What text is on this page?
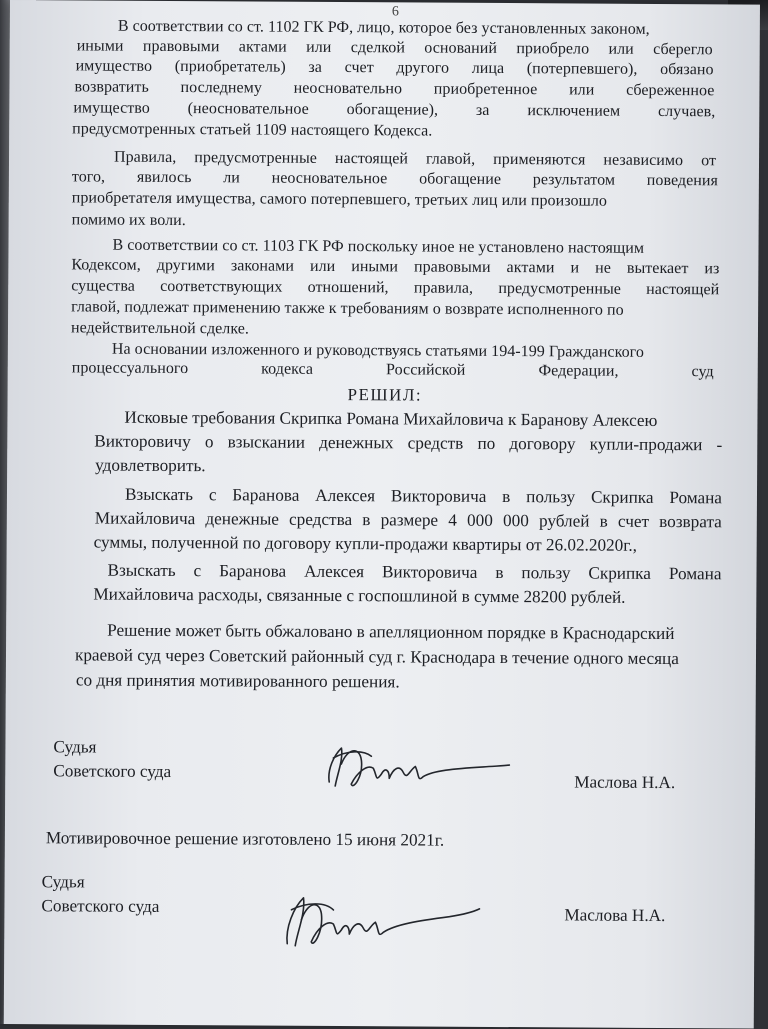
6

В соответствии со ст. 1102 ГК РФ, лицо, которое без установленных законом,

иными правовыми актами или сделкой оснований приобрело или сберегло

имущество (приобретатель) за счет другого лица (потерпевшего), обязано

возвратить последнему неосновательно приобретенное или сбереженное

имущество (неосновательное обогащение), за исключением случаев,

предусмотренных статьей 1109 настоящего Кодекса.

Правила, предусмотренные настоящей главой, применяются независимо от

того, явилось ли неосновательное обогащение результатом поведения

приобретателя имущества, самого потерпевшего, третьих лиц или произошло

помимо их воли.

В соответствии со ст. 1103 ГК РФ поскольку иное не установлено настоящим

Кодексом, другими законами или иными правовыми актами и не вытекает из

существа соответствующих отношений, правила, предусмотренные настоящей

главой, подлежат применению также к требованиям о возврате исполненного по

недействительной сделке.

На основании изложенного и руководствуясь статьями 194-199 Гражданского

процессуального кодекса Российской Федерации, суд

РЕШИЛ:

Исковые требования Скрипка Романа Михайловича к Баранову Алексею

Викторовичу о взыскании денежных средств по договору купли-продажи -

удовлетворить.

Взыскать с Баранова Алексея Викторовича в пользу Скрипка Романа

Михайловича денежные средства в размере 4 000 000 рублей в счет возврата

суммы, полученной по договору купли-продажи квартиры от 26.02.2020г.,

Взыскать с Баранова Алексея Викторовича в пользу Скрипка Романа

Михайловича расходы, связанные с госпошлиной в сумме 28200 рублей.

Решение может быть обжаловано в апелляционном порядке в Краснодарский

краевой суд через Советский районный суд г. Краснодара в течение одного месяца

со дня принятия мотивированного решения.

Судья

Советского суда

Маслова Н.А.

Мотивировочное решение изготовлено 15 июня 2021г.

Судья

Советского суда	Маслова Н.А.
